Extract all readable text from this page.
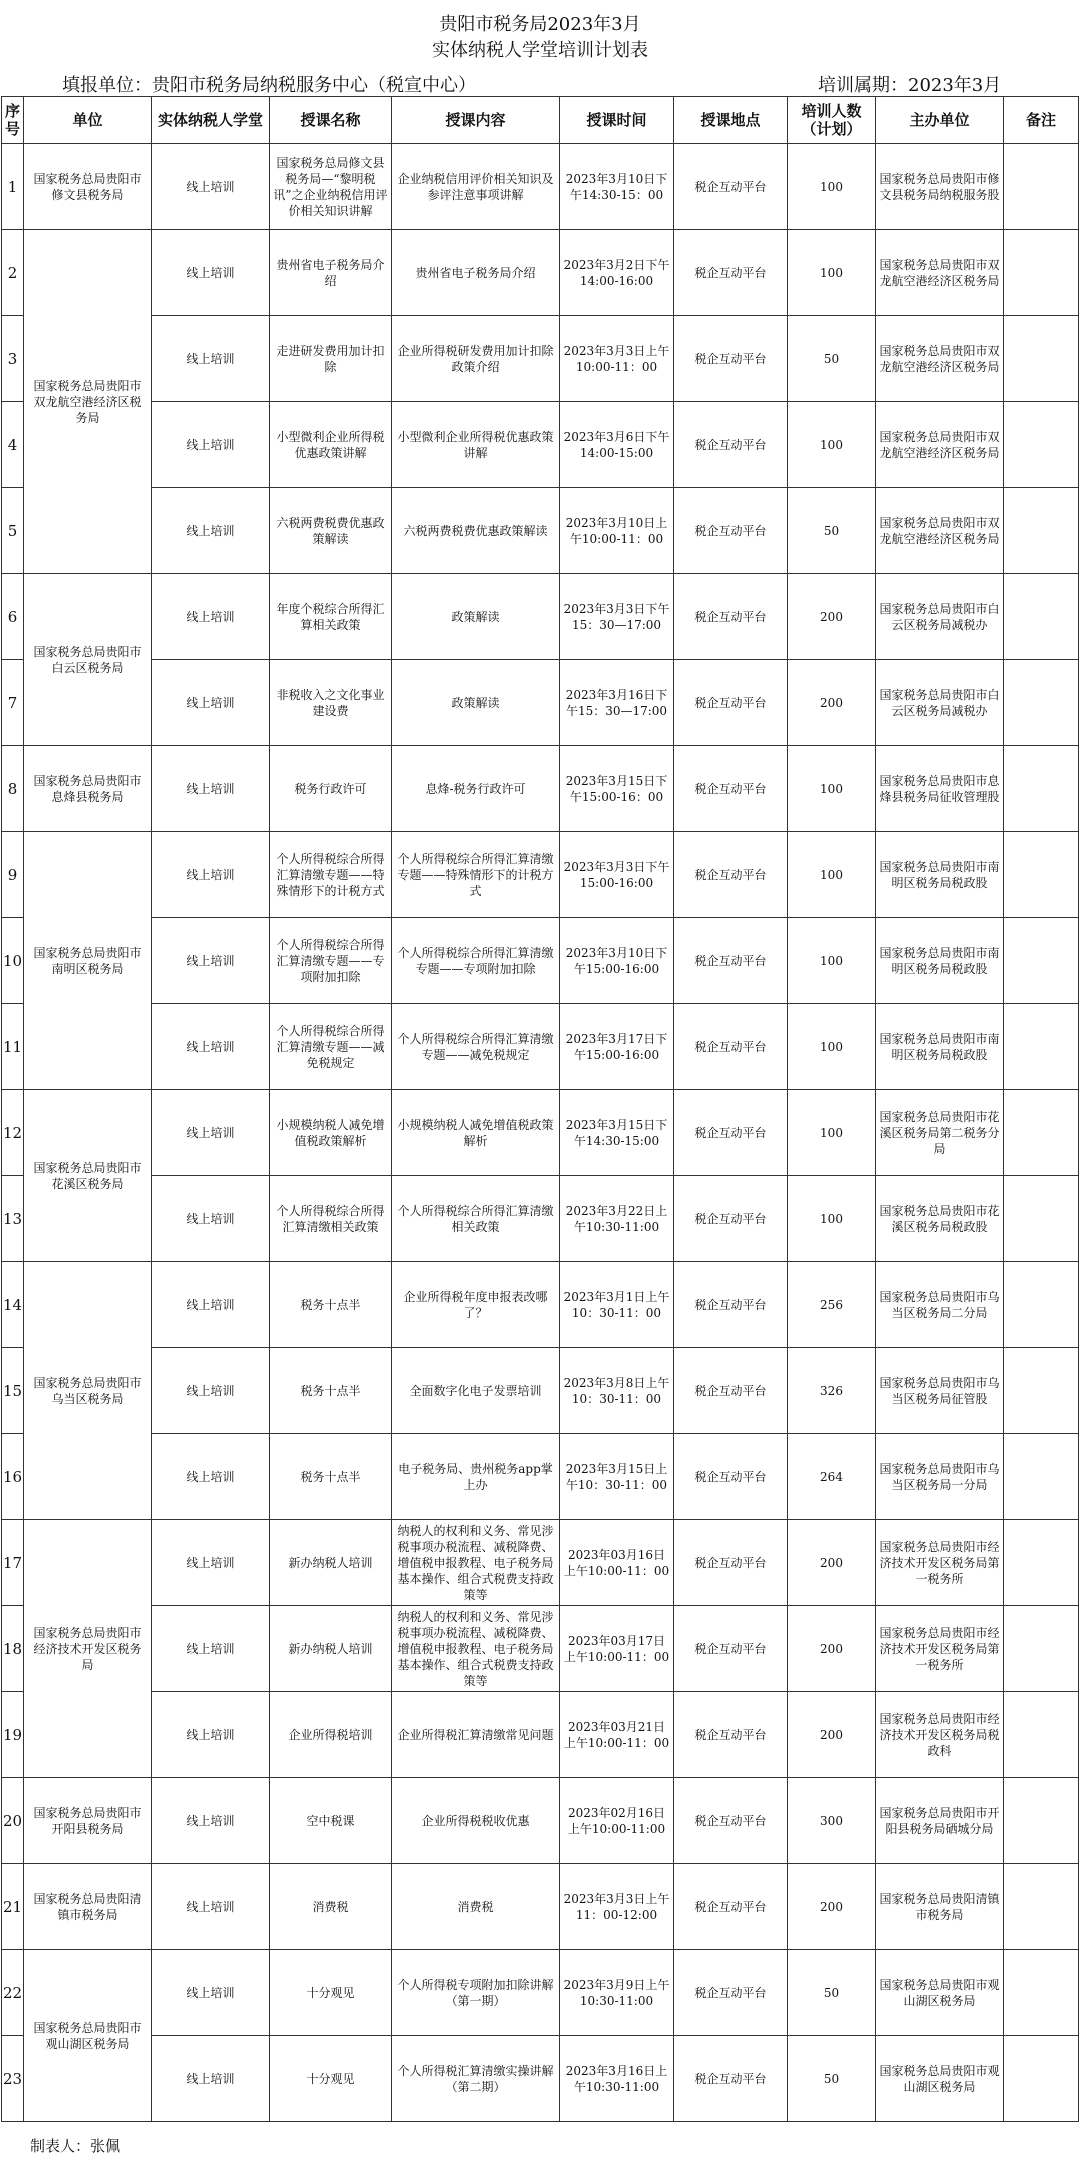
贵阳市税务局2023年3月
实体纳税人学堂培训计划表
填报单位：贵阳市税务局纳税服务中心（税宣中心）	培训属期：2023年3月
序号	单位	实体纳税人学堂	授课名称	授课内容	授课时间	授课地点	培训人数（计划）	主办单位	备注
1	国家税务总局贵阳市修文县税务局	线上培训	国家税务总局修文县税务局—“黎明税讯”之企业纳税信用评价相关知识讲解	企业纳税信用评价相关知识及参评注意事项讲解	2023年3月10日下午14:30-15：00	税企互动平台	100	国家税务总局贵阳市修文县税务局纳税服务股	
2	国家税务总局贵阳市双龙航空港经济区税务局	线上培训	贵州省电子税务局介绍	贵州省电子税务局介绍	2023年3月2日下午14:00-16:00	税企互动平台	100	国家税务总局贵阳市双龙航空港经济区税务局	
3		线上培训	走进研发费用加计扣除	企业所得税研发费用加计扣除政策介绍	2023年3月3日上午10:00-11：00	税企互动平台	50	国家税务总局贵阳市双龙航空港经济区税务局	
4		线上培训	小型微利企业所得税优惠政策讲解	小型微利企业所得税优惠政策讲解	2023年3月6日下午14:00-15:00	税企互动平台	100	国家税务总局贵阳市双龙航空港经济区税务局	
5		线上培训	六税两费税费优惠政策解读	六税两费税费优惠政策解读	2023年3月10日上午10:00-11：00	税企互动平台	50	国家税务总局贵阳市双龙航空港经济区税务局	
6	国家税务总局贵阳市白云区税务局	线上培训	年度个税综合所得汇算相关政策	政策解读	2023年3月3日下午15：30—17:00	税企互动平台	200	国家税务总局贵阳市白云区税务局减税办	
7		线上培训	非税收入之文化事业建设费	政策解读	2023年3月16日下午15：30—17:00	税企互动平台	200	国家税务总局贵阳市白云区税务局减税办	
8	国家税务总局贵阳市息烽县税务局	线上培训	税务行政许可	息烽-税务行政许可	2023年3月15日下午15:00-16：00	税企互动平台	100	国家税务总局贵阳市息烽县税务局征收管理股	
9	国家税务总局贵阳市南明区税务局	线上培训	个人所得税综合所得汇算清缴专题——特殊情形下的计税方式	个人所得税综合所得汇算清缴专题——特殊情形下的计税方式	2023年3月3日下午15:00-16:00	税企互动平台	100	国家税务总局贵阳市南明区税务局税政股	
10		线上培训	个人所得税综合所得汇算清缴专题——专项附加扣除	个人所得税综合所得汇算清缴专题——专项附加扣除	2023年3月10日下午15:00-16:00	税企互动平台	100	国家税务总局贵阳市南明区税务局税政股	
11		线上培训	个人所得税综合所得汇算清缴专题——减免税规定	个人所得税综合所得汇算清缴专题——减免税规定	2023年3月17日下午15:00-16:00	税企互动平台	100	国家税务总局贵阳市南明区税务局税政股	
12	国家税务总局贵阳市花溪区税务局	线上培训	小规模纳税人减免增值税政策解析	小规模纳税人减免增值税政策解析	2023年3月15日下午14:30-15:00	税企互动平台	100	国家税务总局贵阳市花溪区税务局第二税务分局	
13		线上培训	个人所得税综合所得汇算清缴相关政策	个人所得税综合所得汇算清缴相关政策	2023年3月22日上午10:30-11:00	税企互动平台	100	国家税务总局贵阳市花溪区税务局税政股	
14	国家税务总局贵阳市乌当区税务局	线上培训	税务十点半	企业所得税年度申报表改哪了？	2023年3月1日上午10：30-11：00	税企互动平台	256	国家税务总局贵阳市乌当区税务局二分局	
15		线上培训	税务十点半	全面数字化电子发票培训	2023年3月8日上午10：30-11：00	税企互动平台	326	国家税务总局贵阳市乌当区税务局征管股	
16		线上培训	税务十点半	电子税务局、贵州税务app掌上办	2023年3月15日上午10：30-11：00	税企互动平台	264	国家税务总局贵阳市乌当区税务局一分局	
17	国家税务总局贵阳市经济技术开发区税务局	线上培训	新办纳税人培训	纳税人的权利和义务、常见涉税事项办税流程、减税降费、增值税申报教程、电子税务局基本操作、组合式税费支持政策等	2023年03月16日上午10:00-11：00	税企互动平台	200	国家税务总局贵阳市经济技术开发区税务局第一税务所	
18		线上培训	新办纳税人培训	纳税人的权利和义务、常见涉税事项办税流程、减税降费、增值税申报教程、电子税务局基本操作、组合式税费支持政策等	2023年03月17日上午10:00-11：00	税企互动平台	200	国家税务总局贵阳市经济技术开发区税务局第一税务所	
19		线上培训	企业所得税培训	企业所得税汇算清缴常见问题	2023年03月21日上午10:00-11：00	税企互动平台	200	国家税务总局贵阳市经济技术开发区税务局税政科	
20	国家税务总局贵阳市开阳县税务局	线上培训	空中税课	企业所得税税收优惠	2023年02月16日上午10:00-11:00	税企互动平台	300	国家税务总局贵阳市开阳县税务局硒城分局	
21	国家税务总局贵阳清镇市税务局	线上培训	消费税	消费税	2023年3月3日上午11：00-12:00	税企互动平台	200	国家税务总局贵阳清镇市税务局	
22	国家税务总局贵阳市观山湖区税务局	线上培训	十分观见	个人所得税专项附加扣除讲解（第一期）	2023年3月9日上午10:30-11:00	税企互动平台	50	国家税务总局贵阳市观山湖区税务局	
23		线上培训	十分观见	个人所得税汇算清缴实操讲解（第二期）	2023年3月16日上午10:30-11:00	税企互动平台	50	国家税务总局贵阳市观山湖区税务局	
制表人：张佩
